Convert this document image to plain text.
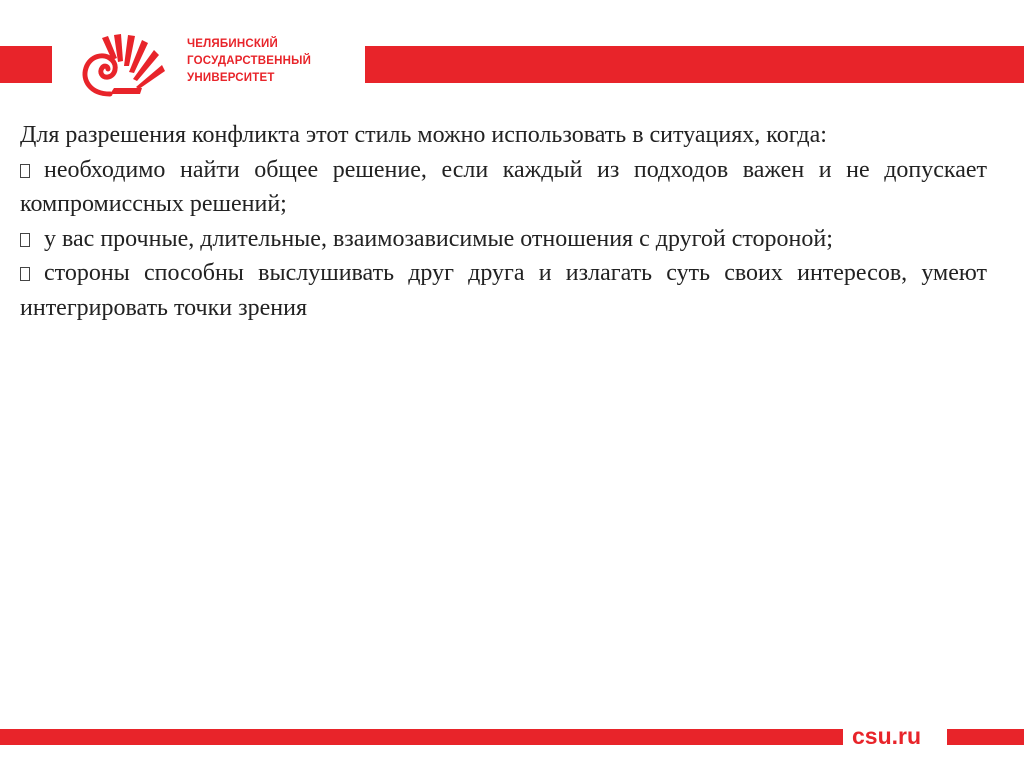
ЧЕЛЯБИНСКИЙ
ГОСУДАРСТВЕННЫЙ
УНИВЕРСИТЕТ

Для разрешения конфликта этот стиль можно использовать в ситуациях, когда:

необходимо найти общее решение, если каждый из подходов важен и не допускает компромиссных решений;

у вас прочные, длительные, взаимозависимые отношения с другой стороной;

стороны способны выслушивать друг друга и излагать суть своих интересов, умеют интегрировать точки зрения

csu.ru
